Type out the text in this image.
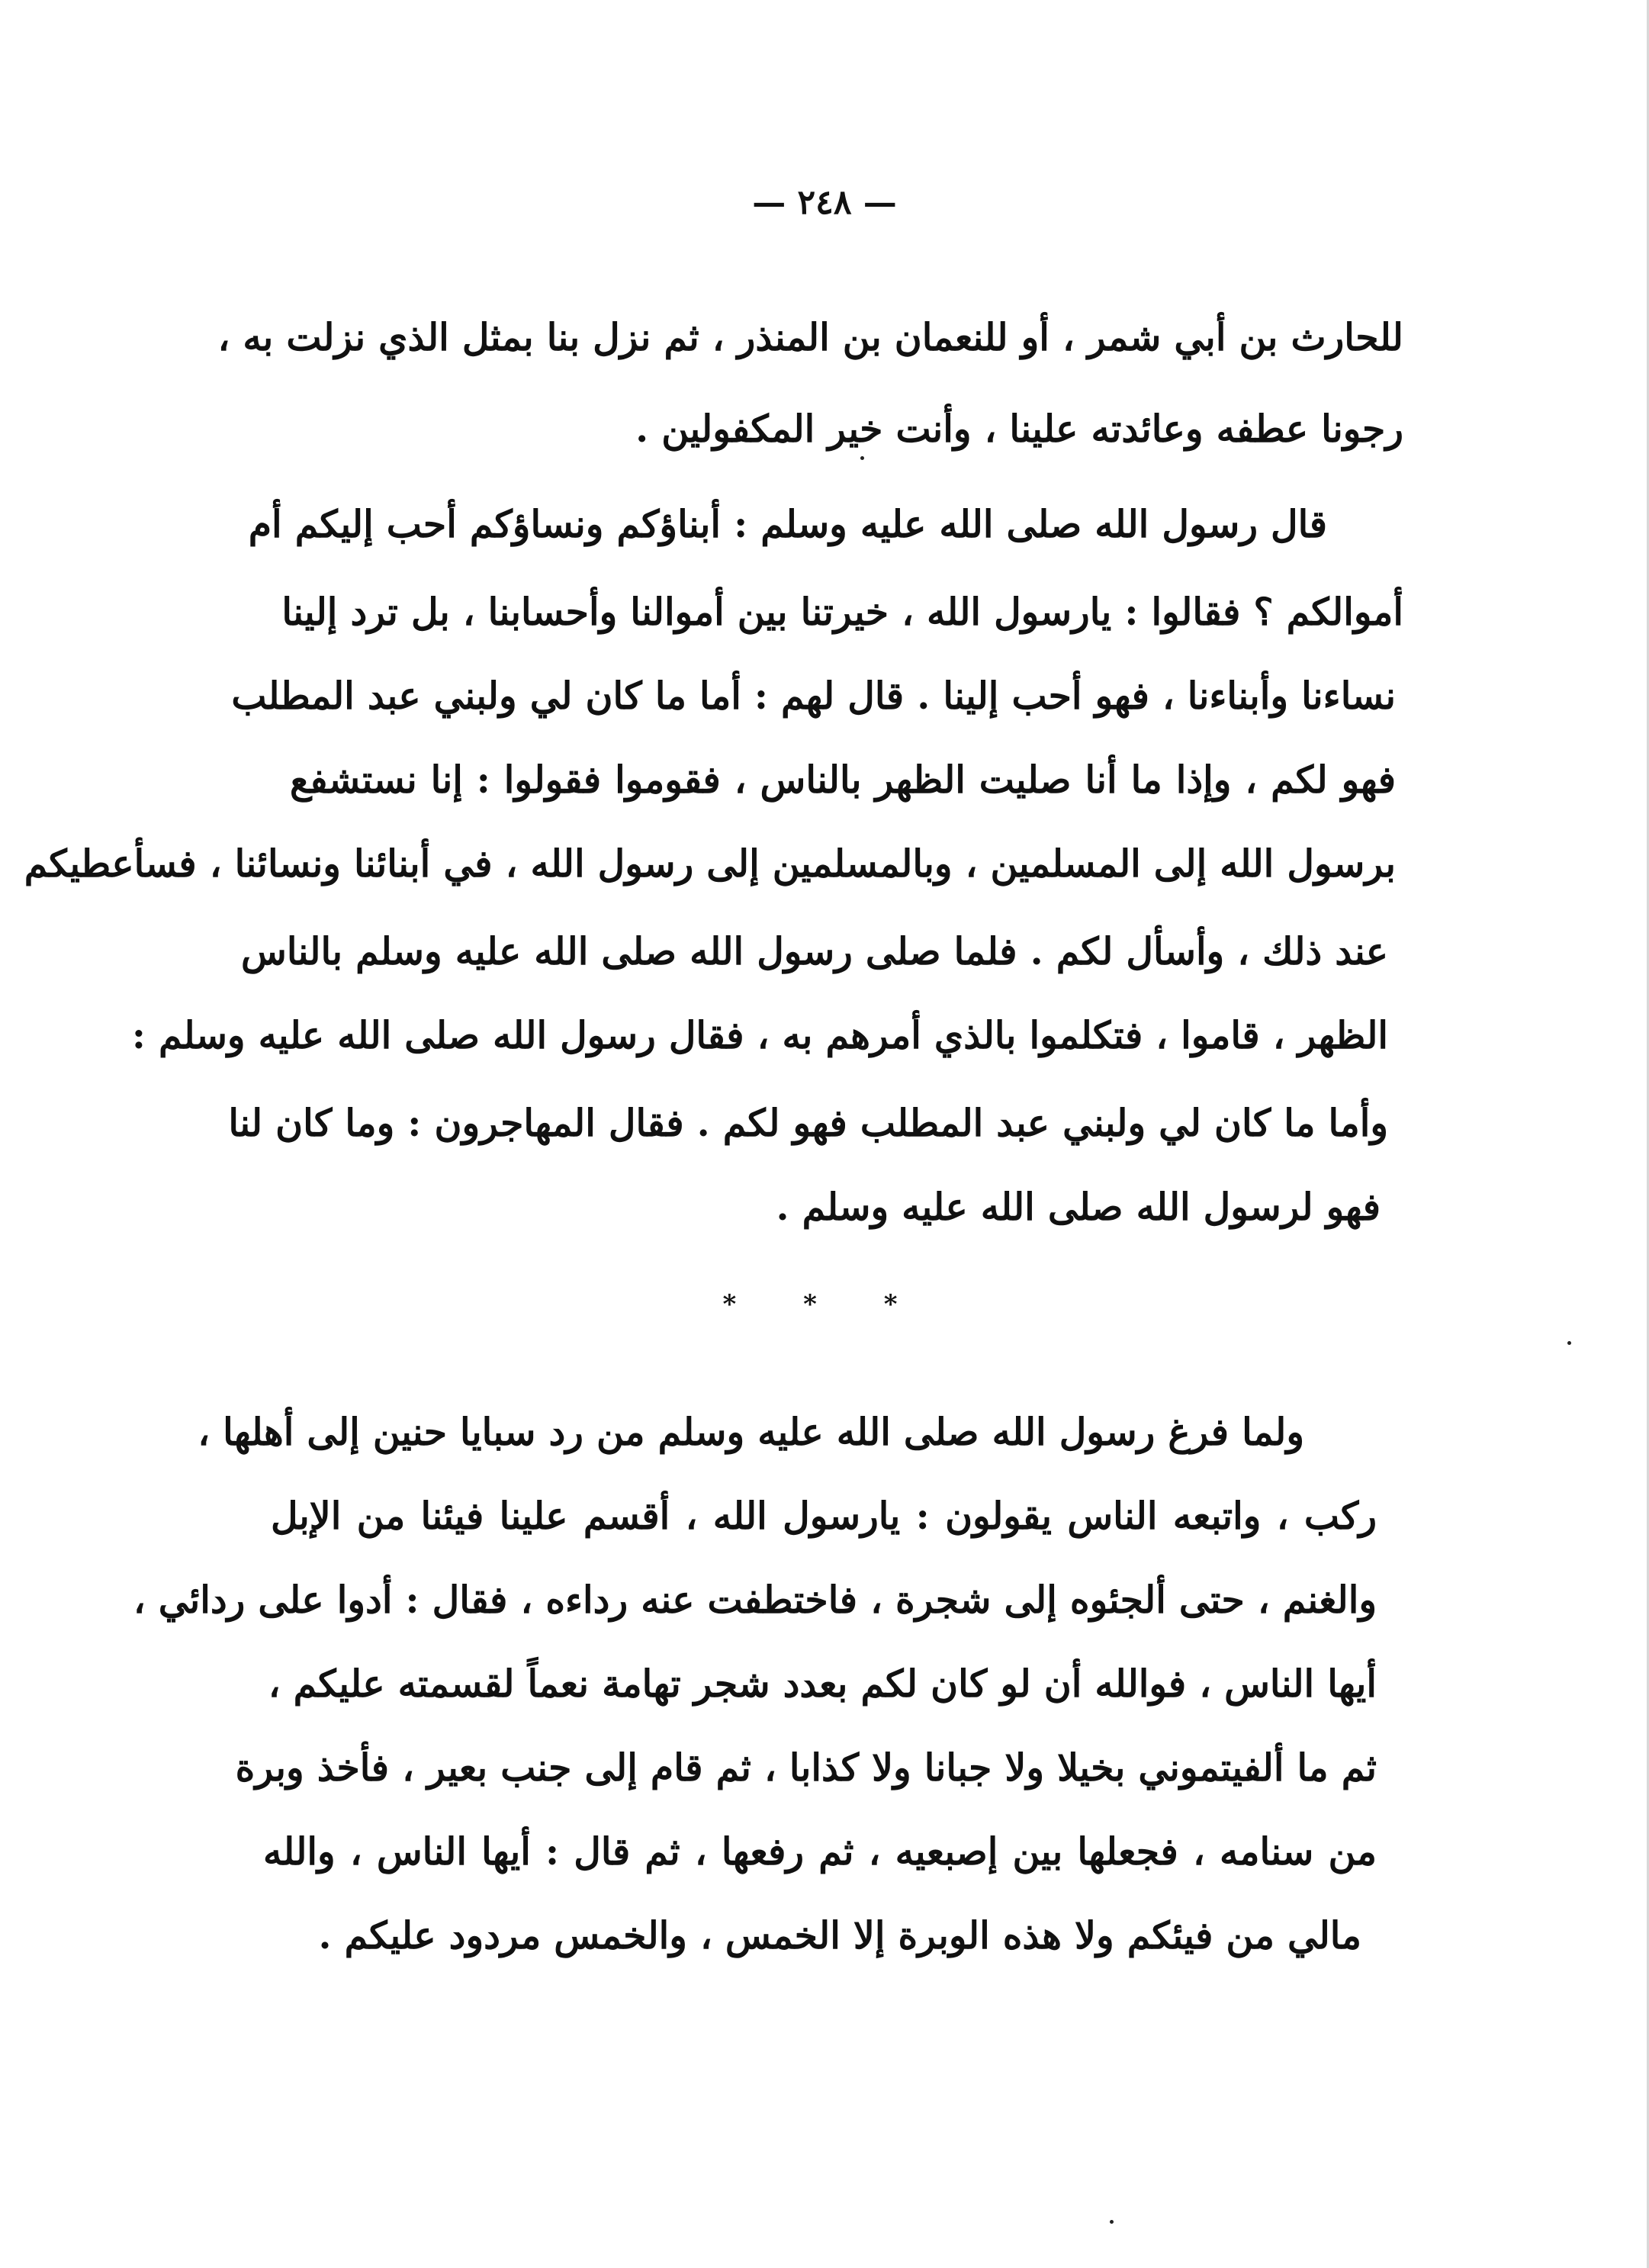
— ٢٤٨ —
للحارث بن أبي شمر ، أو للنعمان بن المنذر ، ثم نزل بنا بمثل الذي نزلت به ،
رجونا عطفه وعائدته علينا ، وأنت خير المكفولين .
قال رسول الله صلى الله عليه وسلم : أبناؤكم ونساؤكم أحب إليكم أم
أموالكم ؟ فقالوا : يارسول الله ، خيرتنا بين أموالنا وأحسابنا ، بل ترد إلينا
نساءنا وأبناءنا ، فهو أحب إلينا . قال لهم : أما ما كان لي ولبني عبد المطلب
فهو لكم ، وإذا ما أنا صليت الظهر بالناس ، فقوموا فقولوا : إنا نستشفع
برسول الله إلى المسلمين ، وبالمسلمين إلى رسول الله ، في أبنائنا ونسائنا ، فسأعطيكم
عند ذلك ، وأسأل لكم . فلما صلى رسول الله صلى الله عليه وسلم بالناس
الظهر ، قاموا ، فتكلموا بالذي أمرهم به ، فقال رسول الله صلى الله عليه وسلم :
وأما ما كان لي ولبني عبد المطلب فهو لكم . فقال المهاجرون : وما كان لنا
فهو لرسول الله صلى الله عليه وسلم .
* * *
ولما فرغ رسول الله صلى الله عليه وسلم من رد سبايا حنين إلى أهلها ،
ركب ، واتبعه الناس يقولون : يارسول الله ، أقسم علينا فيئنا من الإبل
والغنم ، حتى ألجئوه إلى شجرة ، فاختطفت عنه رداءه ، فقال : أدوا على ردائي ،
أيها الناس ، فوالله أن لو كان لكم بعدد شجر تهامة نعماً لقسمته عليكم ،
ثم ما ألفيتموني بخيلا ولا جبانا ولا كذابا ، ثم قام إلى جنب بعير ، فأخذ وبرة
من سنامه ، فجعلها بين إصبعيه ، ثم رفعها ، ثم قال : أيها الناس ، والله
مالي من فيئكم ولا هذه الوبرة إلا الخمس ، والخمس مردود عليكم .
